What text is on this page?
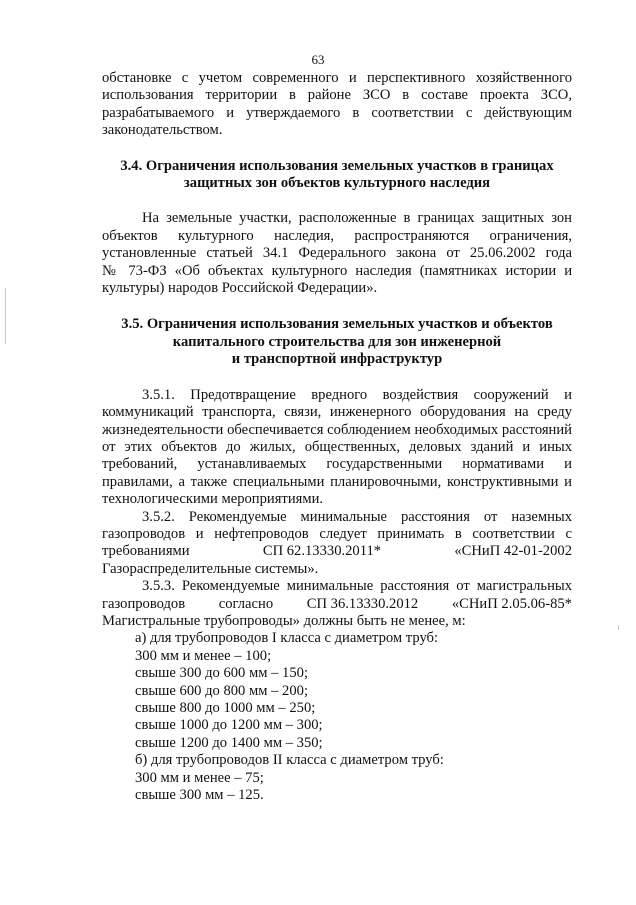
63
обстановке с учетом современного и перспективного хозяйственного
использования территории в районе ЗСО в составе проекта ЗСО,
разрабатываемого и утверждаемого в соответствии с действующим
законодательством.
3.4. Ограничения использования земельных участков в границах
защитных зон объектов культурного наследия
На земельные участки, расположенные в границах защитных зон
объектов культурного наследия, распространяются ограничения,
установленные статьей 34.1 Федерального закона от 25.06.2002 года
№ 73-ФЗ «Об объектах культурного наследия (памятниках истории и
культуры) народов Российской Федерации».
3.5. Ограничения использования земельных участков и объектов
капитального строительства для зон инженерной
и транспортной инфраструктур
3.5.1. Предотвращение вредного воздействия сооружений и
коммуникаций транспорта, связи, инженерного оборудования на среду
жизнедеятельности обеспечивается соблюдением необходимых расстояний
от этих объектов до жилых, общественных, деловых зданий и иных
требований, устанавливаемых государственными нормативами и
правилами, а также специальными планировочными, конструктивными и
технологическими мероприятиями.
3.5.2. Рекомендуемые минимальные расстояния от наземных
газопроводов и нефтепроводов следует принимать в соответствии с
требованиями	СП 62.13330.2011*	«СНиП 42-01-2002
Газораспределительные системы».
3.5.3. Рекомендуемые минимальные расстояния от магистральных
газопроводов согласно СП 36.13330.2012 «СНиП 2.05.06-85*
Магистральные трубопроводы» должны быть не менее, м:
а) для трубопроводов I класса с диаметром труб:
300 мм и менее – 100;
свыше 300 до 600 мм – 150;
свыше 600 до 800 мм – 200;
свыше 800 до 1000 мм – 250;
свыше 1000 до 1200 мм – 300;
свыше 1200 до 1400 мм – 350;
б) для трубопроводов II класса с диаметром труб:
300 мм и менее – 75;
свыше 300 мм – 125.
